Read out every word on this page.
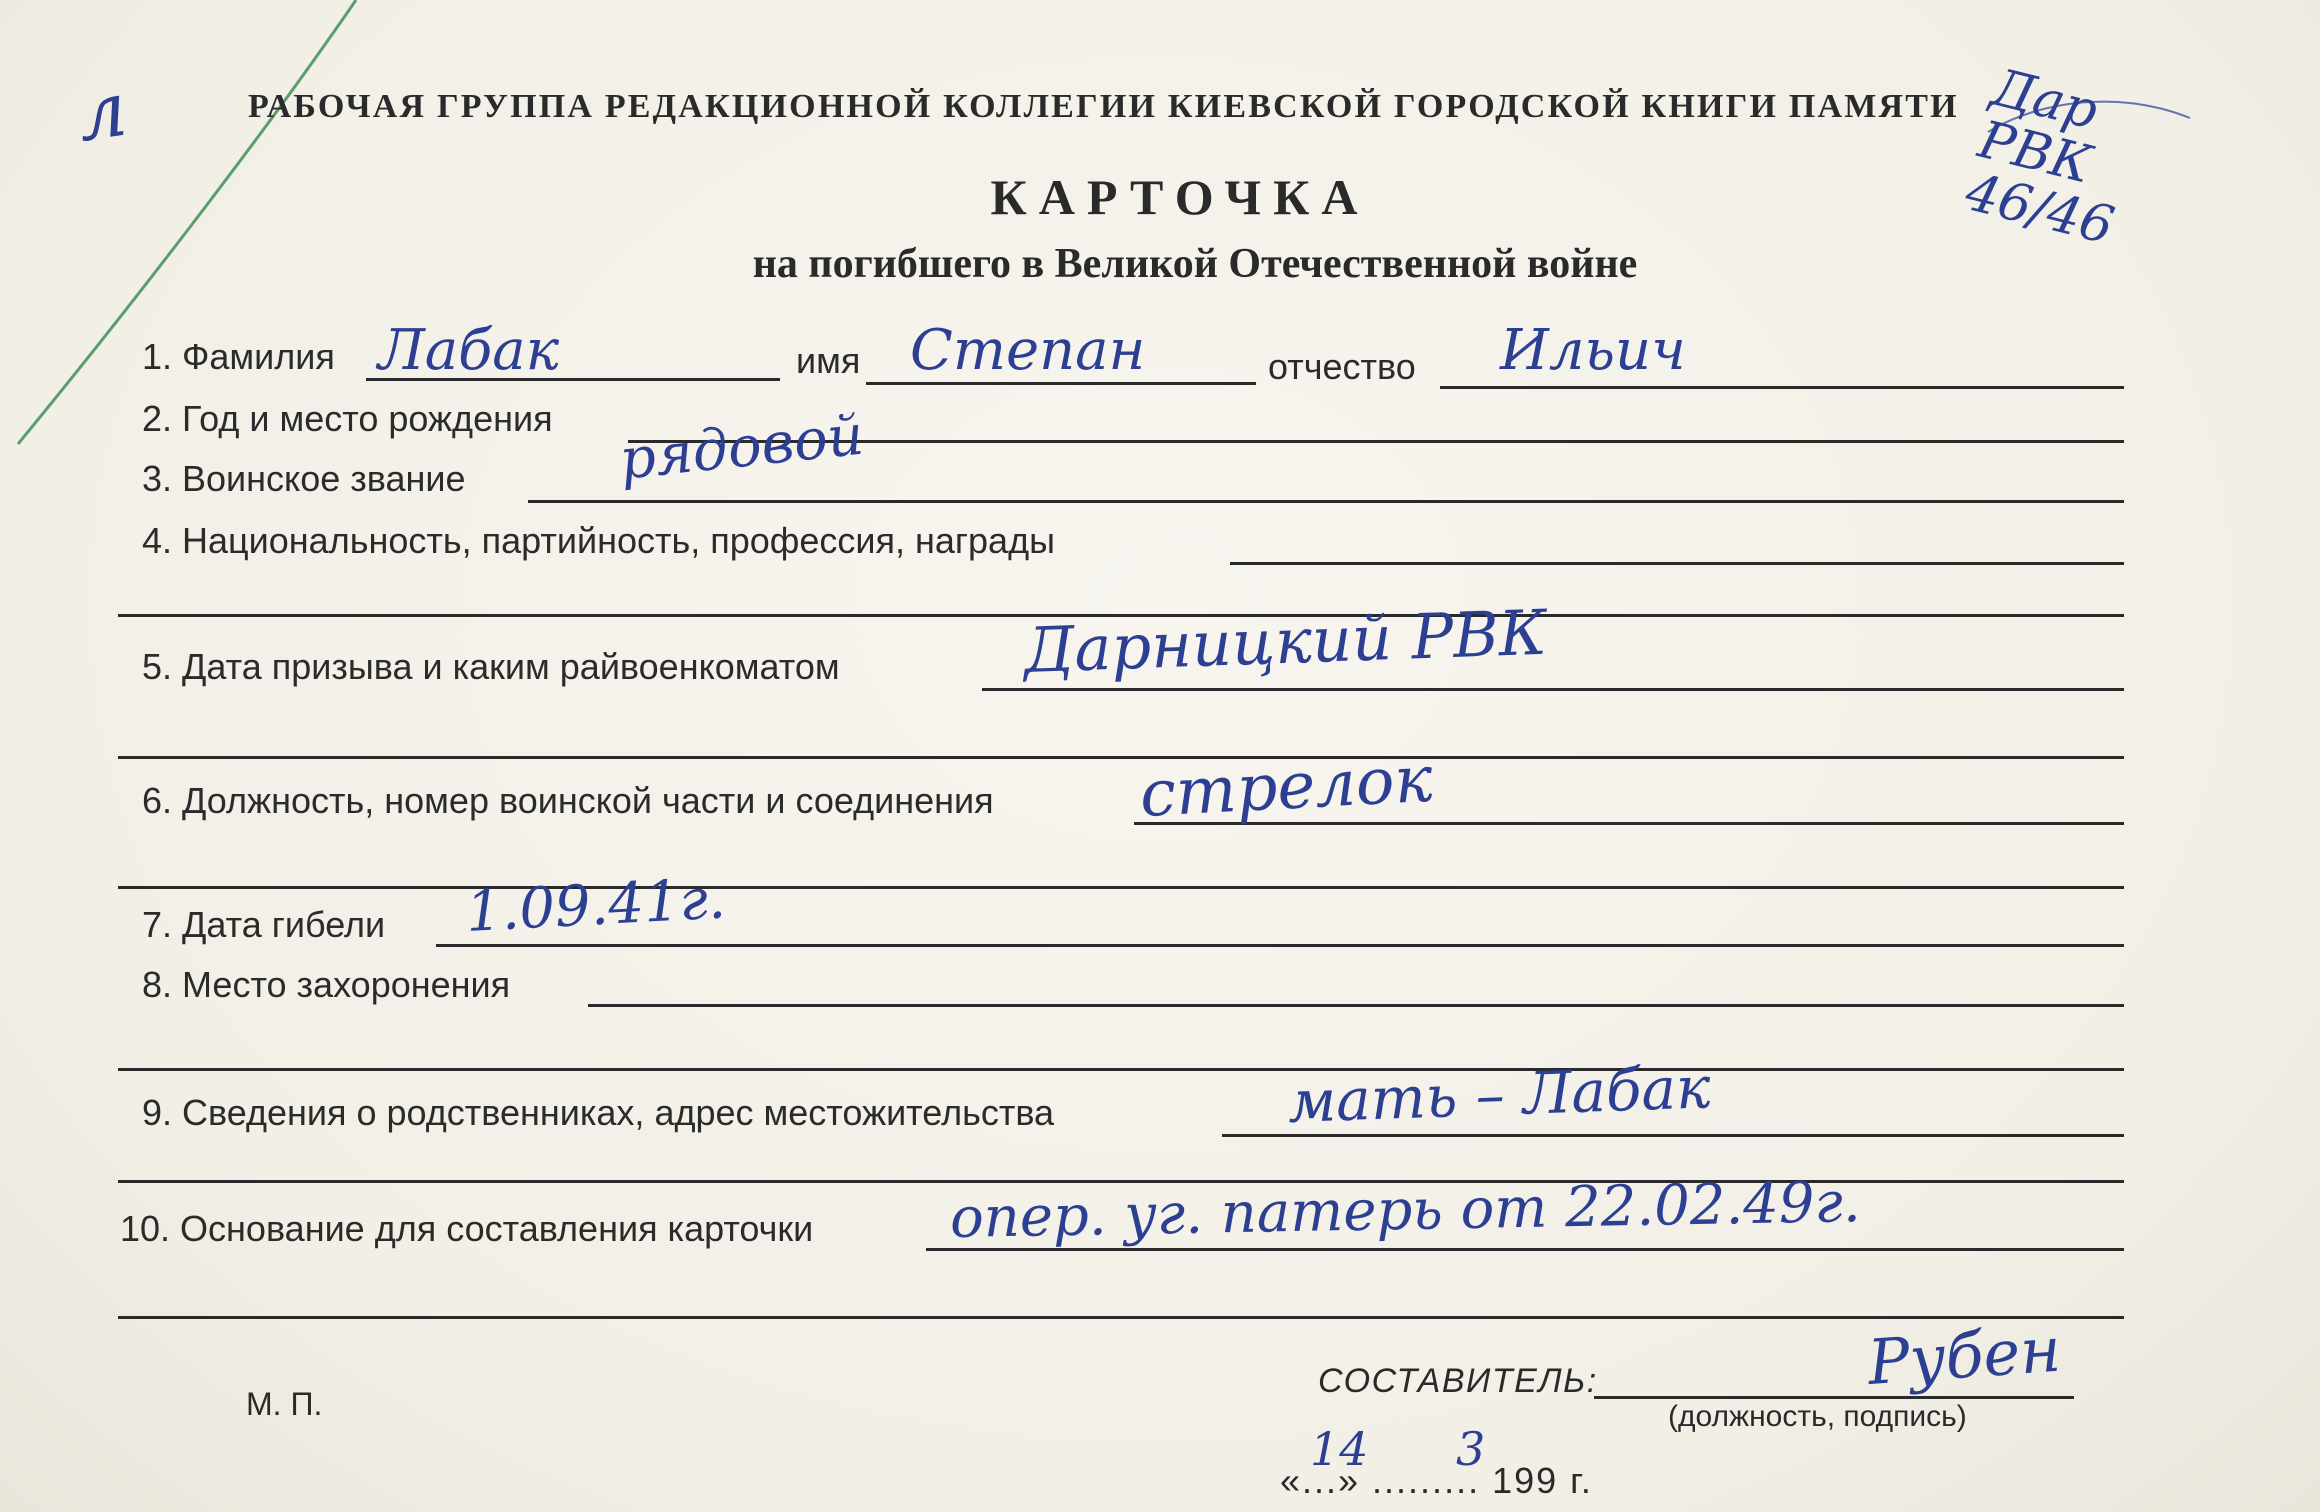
л	Дар РВК 46/46
РАБОЧАЯ ГРУППА РЕДАКЦИОННОЙ КОЛЛЕГИИ КИЕВСКОЙ ГОРОДСКОЙ КНИГИ ПАМЯТИ
КАРТОЧКА
на погибшего в Великой Отечественной войне
1. Фамилия Лабак	имя Степан	отчество Ильич
2. Год и место рождения
3. Воинское звание	рядовой
4. Национальность, партийность, профессия, награды
5. Дата призыва и каким райвоенкоматом	Дарницкий РВК
6. Должность, номер воинской части и соединения стрелок
7. Дата гибели 1.09.41г.
8. Место захоронения
9. Сведения о родственниках, адрес местожительства	мать – Лабак
10. Основание для составления карточки опер. уг. патерь от 22.02.49г.
М. П.
СОСТАВИТЕЛЬ:	Рубен
(должность, подпись)
«...» ......... 199 г.
14 3
